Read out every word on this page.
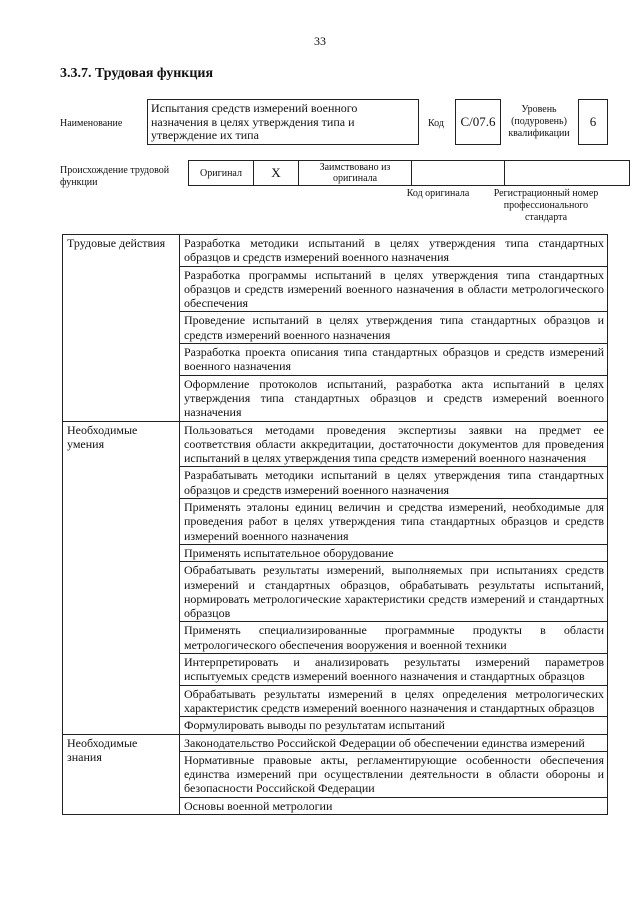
33
3.3.7. Трудовая функция
Наименование
Испытания средств измерений военного назначения в целях утверждения типа и утверждение их типа
Код C/07.6
Уровень (подуровень) квалификации
6
Происхождение трудовой функции
Оригинал	X	Заимствовано из оригинала		
Код оригинала	Регистрационный номер профессионального стандарта
Трудовые действия	Разработка методики испытаний в целях утверждения типа стандартных образцов и средств измерений военного назначения
	Разработка программы испытаний в целях утверждения типа стандартных образцов и средств измерений военного назначения в области метрологического обеспечения
	Проведение испытаний в целях утверждения типа стандартных образцов и средств измерений военного назначения
	Разработка проекта описания типа стандартных образцов и средств измерений военного назначения
	Оформление протоколов испытаний, разработка акта испытаний в целях утверждения типа стандартных образцов и средств измерений военного назначения
Необходимые умения	Пользоваться методами проведения экспертизы заявки на предмет ее соответствия области аккредитации, достаточности документов для проведения испытаний в целях утверждения типа средств измерений военного назначения
	Разрабатывать методики испытаний в целях утверждения типа стандартных образцов и средств измерений военного назначения
	Применять эталоны единиц величин и средства измерений, необходимые для проведения работ в целях утверждения типа стандартных образцов и средств измерений военного назначения
	Применять испытательное оборудование
	Обрабатывать результаты измерений, выполняемых при испытаниях средств измерений и стандартных образцов, обрабатывать результаты испытаний, нормировать метрологические характеристики средств измерений и стандартных образцов
	Применять специализированные программные продукты в области метрологического обеспечения вооружения и военной техники
	Интерпретировать и анализировать результаты измерений параметров испытуемых средств измерений военного назначения и стандартных образцов
	Обрабатывать результаты измерений в целях определения метрологических характеристик средств измерений военного назначения и стандартных образцов
	Формулировать выводы по результатам испытаний
Необходимые знания	Законодательство Российской Федерации об обеспечении единства измерений
	Нормативные правовые акты, регламентирующие особенности обеспечения единства измерений при осуществлении деятельности в области обороны и безопасности Российской Федерации
	Основы военной метрологии
